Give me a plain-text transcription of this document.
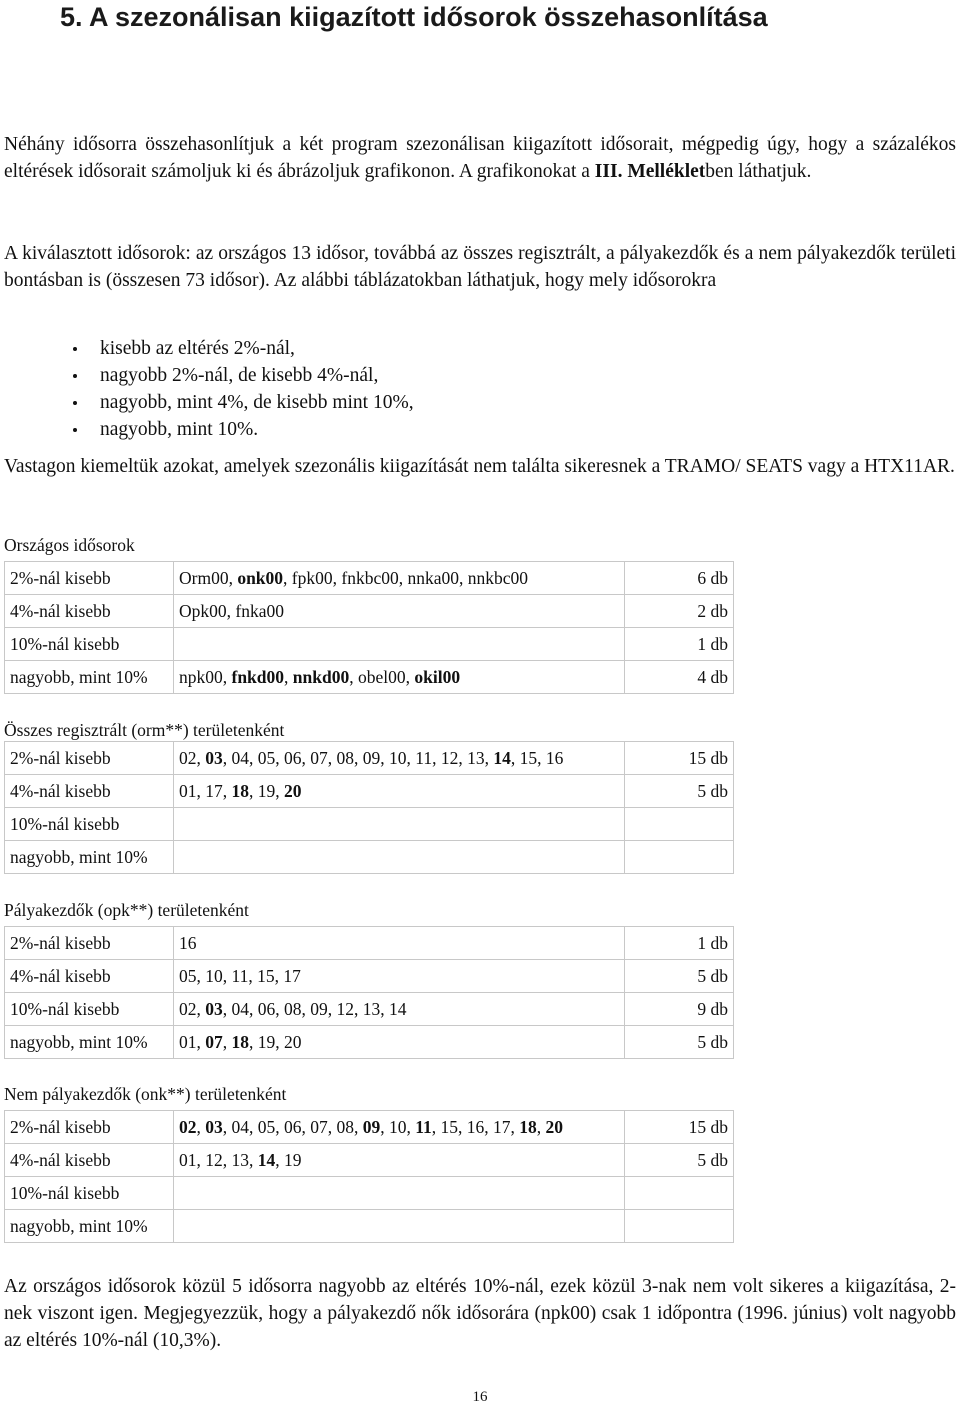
5. A szezonálisan kiigazított idősorok összehasonlítása

Néhány idősorra összehasonlítjuk a két program szezonálisan kiigazított idősorait, mégpedig úgy, hogy a százalékos eltérések idősorait számoljuk ki és ábrázoljuk grafikonon. A grafikonokat a III. Mellékletben láthatjuk.

A kiválasztott idősorok: az országos 13 idősor, továbbá az összes regisztrált, a pályakezdők és a nem pályakezdők területi bontásban is (összesen 73 idősor). Az alábbi táblázatokban láthatjuk, hogy mely idősorokra

kisebb az eltérés 2%-nál,
nagyobb 2%-nál, de kisebb 4%-nál,
nagyobb, mint 4%, de kisebb mint 10%,
nagyobb, mint 10%.

Vastagon kiemeltük azokat, amelyek szezonális kiigazítását nem találta sikeresnek a TRAMO/ SEATS vagy a HTX11AR.

Országos idősorok

2%-nál kisebb	Orm00, onk00, fpk00, fnkbc00, nnka00, nnkbc00	6 db
4%-nál kisebb	Opk00, fnka00	2 db
10%-nál kisebb		1 db
nagyobb, mint 10%	npk00, fnkd00, nnkd00, obel00, okil00	4 db

Összes regisztrált (orm**) területenként

2%-nál kisebb	02, 03, 04, 05, 06, 07, 08, 09, 10, 11, 12, 13, 14, 15, 16	15 db
4%-nál kisebb	01, 17, 18, 19, 20	5 db
10%-nál kisebb		
nagyobb, mint 10%		

Pályakezdők (opk**) területenként

2%-nál kisebb	16	1 db
4%-nál kisebb	05, 10, 11, 15, 17	5 db
10%-nál kisebb	02, 03, 04, 06, 08, 09, 12, 13, 14	9 db
nagyobb, mint 10%	01, 07, 18, 19, 20	5 db

Nem pályakezdők (onk**) területenként

2%-nál kisebb	02, 03, 04, 05, 06, 07, 08, 09, 10, 11, 15, 16, 17, 18, 20	15 db
4%-nál kisebb	01, 12, 13, 14, 19	5 db
10%-nál kisebb		
nagyobb, mint 10%		

Az országos idősorok közül 5 idősorra nagyobb az eltérés 10%-nál, ezek közül 3-nak nem volt sikeres a kiigazítása, 2-nek viszont igen. Megjegyezzük, hogy a pályakezdő nők idősorára (npk00) csak 1 időpontra (1996. június) volt nagyobb az eltérés 10%-nál (10,3%).

16
